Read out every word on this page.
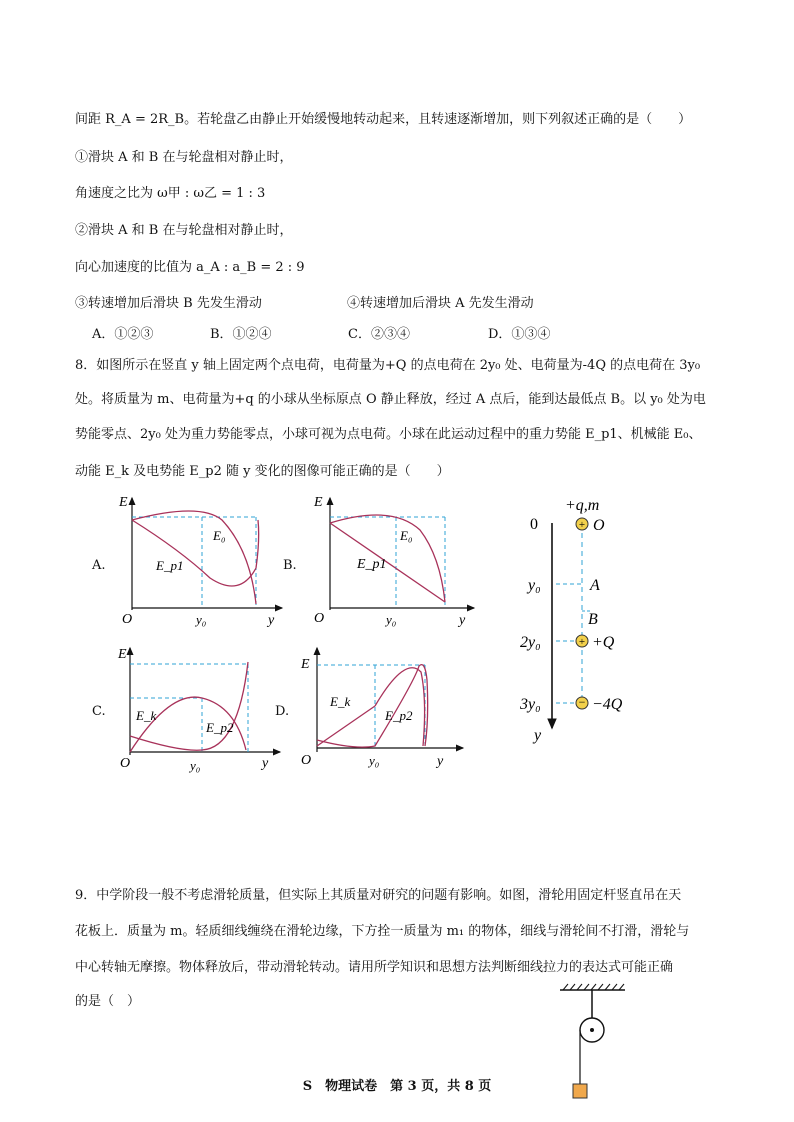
间距 R_A = 2R_B。若轮盘乙由静止开始缓慢地转动起来，且转速逐渐增加，则下列叙述正确的是（　　）
①滑块 A 和 B 在与轮盘相对静止时，
角速度之比为 ω甲 : ω乙 = 1 : 3
②滑块 A 和 B 在与轮盘相对静止时，
向心加速度的比值为 a_A : a_B = 2 : 9
③转速增加后滑块 B 先发生滑动	④转速增加后滑块 A 先发生滑动
A．①②③	B．①②④	C．②③④	D．①③④
8．如图所示在竖直 y 轴上固定两个点电荷，电荷量为+Q 的点电荷在 2y₀ 处、电荷量为-4Q 的点电荷在 3y₀
处。将质量为 m、电荷量为+q 的小球从坐标原点 O 静止释放，经过 A 点后，能到达最低点 B。以 y₀ 处为电
势能零点、2y₀ 处为重力势能零点，小球可视为点电荷。小球在此运动过程中的重力势能 E_p1、机械能 E₀、
动能 E_k 及电势能 E_p2 随 y 变化的图像可能正确的是（　　）
A.
E
O	y₀	y
E₀
E_p1	B.
E
O	y₀	y
E₀
E_p1
C.
E
O	y₀	y
E_k
E_p2
D.
E
O	y₀	y
E_k
E_p2
+
+
−
+q,m
0	O
y₀	A
B
2y₀	+Q
3y₀	−4Q
y
9．中学阶段一般不考虑滑轮质量，但实际上其质量对研究的问题有影响。如图，滑轮用固定杆竖直吊在天
花板上．质量为 m。轻质细线缠绕在滑轮边缘，下方拴一质量为 m₁ 的物体，细线与滑轮间不打滑，滑轮与
中心转轴无摩擦。物体释放后，带动滑轮转动。请用所学知识和思想方法判断细线拉力的表达式可能正确
的是（　）
S　物理试卷　第 3 页，共 8 页
